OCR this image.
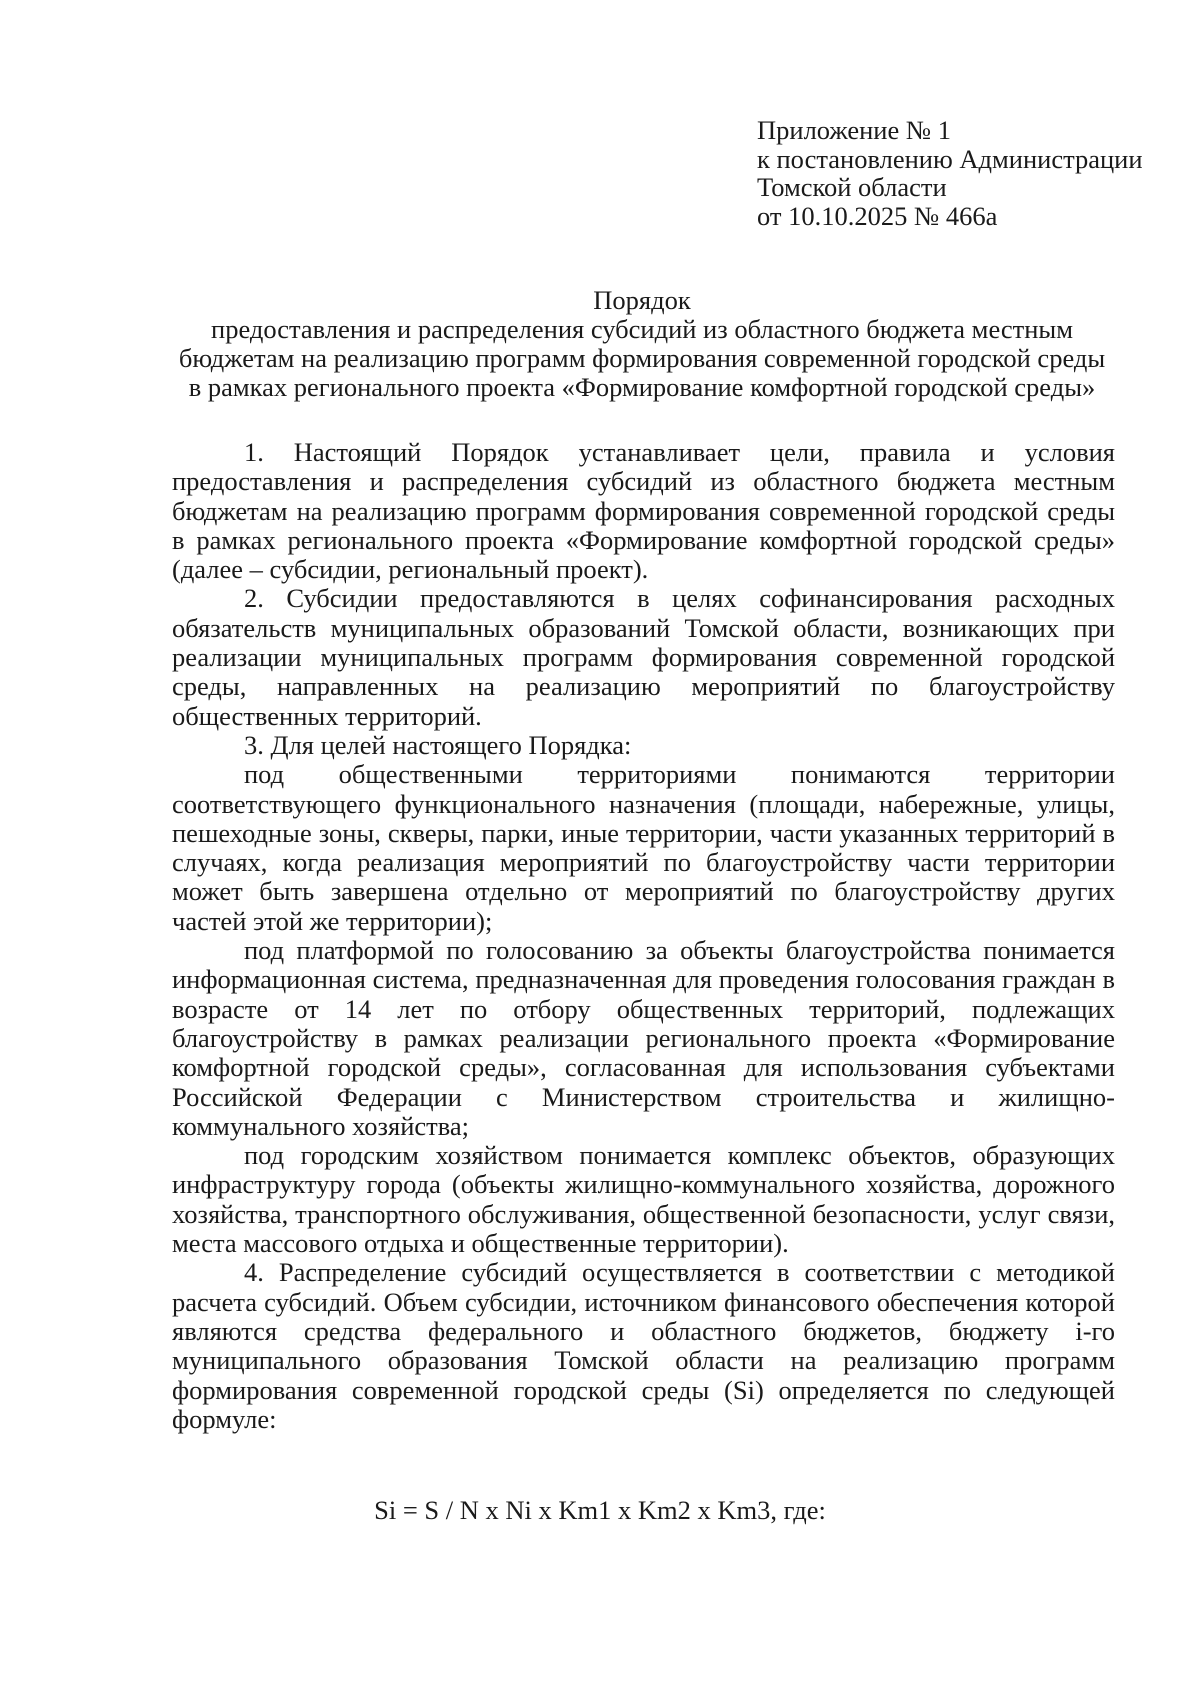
Приложение № 1
к постановлению Администрации
Томской области
от 10.10.2025 № 466а
Порядок
предоставления и распределения субсидий из областного бюджета местным
бюджетам на реализацию программ формирования современной городской среды
в рамках регионального проекта «Формирование комфортной городской среды»

1. Настоящий Порядок устанавливает цели, правила и условия предоставления и распределения субсидий из областного бюджета местным бюджетам на реализацию программ формирования современной городской среды в рамках регионального проекта «Формирование комфортной городской среды» (далее – субсидии, региональный проект).

2. Субсидии предоставляются в целях софинансирования расходных обязательств муниципальных образований Томской области, возникающих при реализации муниципальных программ формирования современной городской среды, направленных на реализацию мероприятий по благоустройству общественных территорий.

3. Для целей настоящего Порядка:

под общественными территориями понимаются территории соответствующего функционального назначения (площади, набережные, улицы, пешеходные зоны, скверы, парки, иные территории, части указанных территорий в случаях, когда реализация мероприятий по благоустройству части территории может быть завершена отдельно от мероприятий по благоустройству других частей этой же территории);

под платформой по голосованию за объекты благоустройства понимается информационная система, предназначенная для проведения голосования граждан в возрасте от 14 лет по отбору общественных территорий, подлежащих благоустройству в рамках реализации регионального проекта «Формирование комфортной городской среды», согласованная для использования субъектами Российской Федерации с Министерством строительства и жилищно-коммунального хозяйства;

под городским хозяйством понимается комплекс объектов, образующих инфраструктуру города (объекты жилищно-коммунального хозяйства, дорожного хозяйства, транспортного обслуживания, общественной безопасности, услуг связи, места массового отдыха и общественные территории).

4. Распределение субсидий осуществляется в соответствии с методикой расчета субсидий. Объем субсидии, источником финансового обеспечения которой являются средства федерального и областного бюджетов, бюджету i-го муниципального образования Томской области на реализацию программ формирования современной городской среды (Si) определяется по следующей формуле:

Si = S / N x Ni x Km1 x Km2 x Km3, где:
